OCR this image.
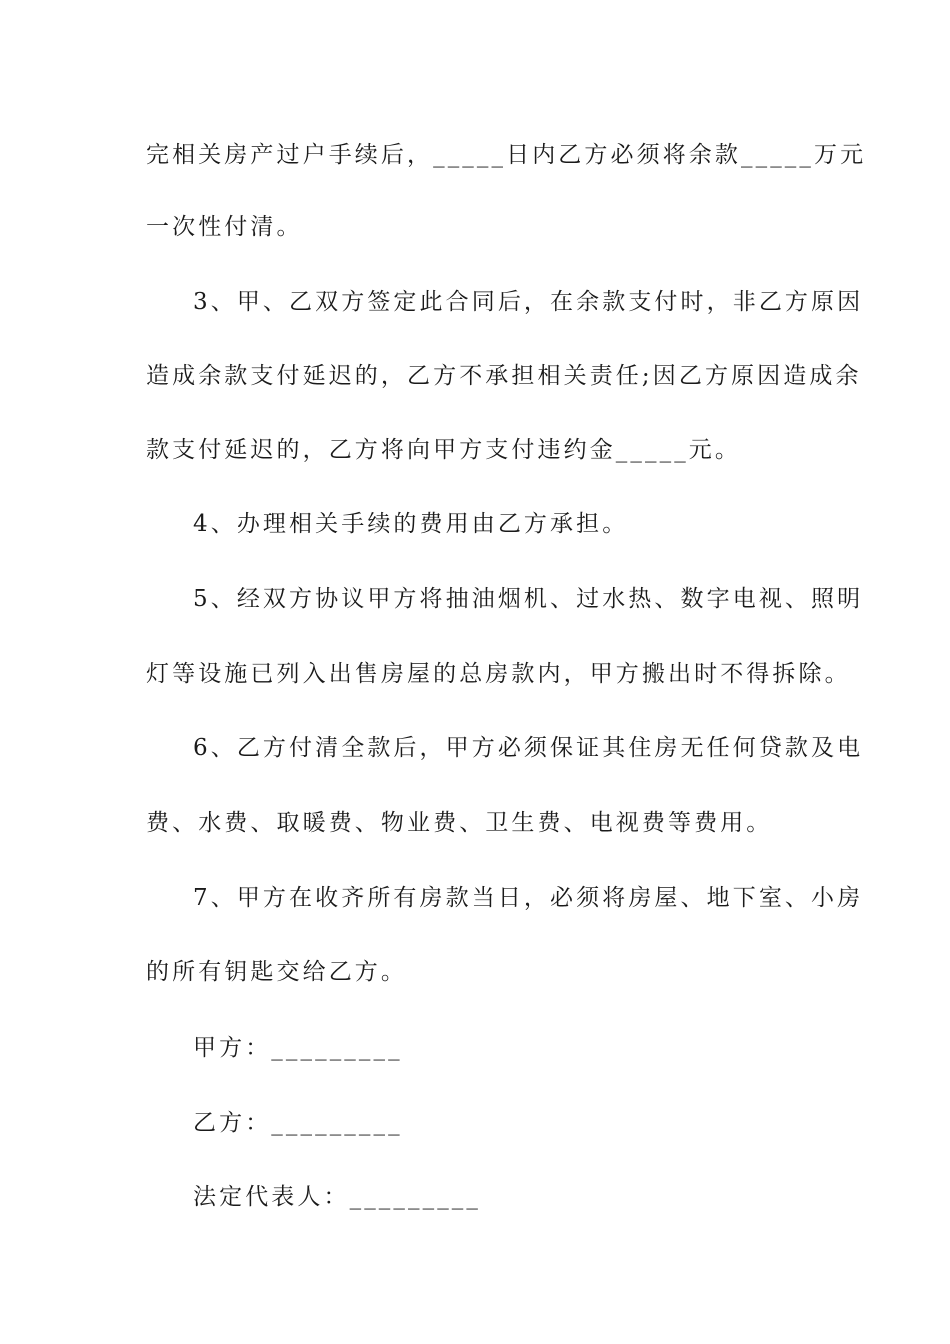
完相关房产过户手续后，_____日内乙方必须将余款_____万元
一次性付清。
3、甲、乙双方签定此合同后，在余款支付时，非乙方原因
造成余款支付延迟的，乙方不承担相关责任;因乙方原因造成余
款支付延迟的，乙方将向甲方支付违约金_____元。
4、办理相关手续的费用由乙方承担。
5、经双方协议甲方将抽油烟机、过水热、数字电视、照明
灯等设施已列入出售房屋的总房款内，甲方搬出时不得拆除。
6、乙方付清全款后，甲方必须保证其住房无任何贷款及电
费、水费、取暖费、物业费、卫生费、电视费等费用。
7、甲方在收齐所有房款当日，必须将房屋、地下室、小房
的所有钥匙交给乙方。
甲方：_________
乙方：_________
法定代表人：_________
